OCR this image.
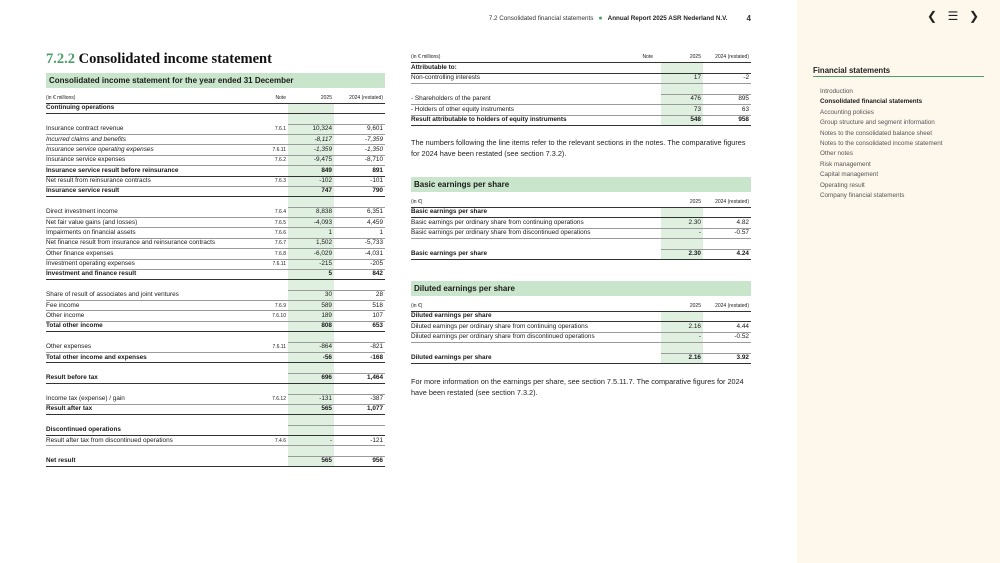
7.2 Consolidated financial statements ● Annual Report 2025 ASR Nederland N.V. 4
7.2.2 Consolidated income statement
Consolidated income statement for the year ended 31 December
(in € millions)	Note	2025	2024 (restated)
Continuing operations
Insurance contract revenue	7.6.1	10,324	9,601
Incurred claims and benefits	-8,117	-7,359
Insurance service operating expenses	7.6.11	-1,359	-1,350
Insurance service expenses	7.6.2	-9,475	-8,710
Insurance service result before reinsurance	849	891
Net result from reinsurance contracts	7.6.3	-102	-101
Insurance service result	747	790
Direct investment income	7.6.4	8,838	6,351
Net fair value gains (and losses)	7.6.5	-4,093	4,459
Impairments on financial assets	7.6.6	1	1
Net finance result from insurance and reinsurance contracts	7.6.7	1,502	-5,733
Other finance expenses	7.6.8	-6,029	-4,031
Investment operating expenses	7.6.11	-215	-205
Investment and finance result	5	842
Share of result of associates and joint ventures	30	28
Fee income	7.6.9	589	518
Other income	7.6.10	189	107
Total other income	808	653
Other expenses	7.6.11	-864	-821
Total other income and expenses	-56	-168
Result before tax	696	1,464
Income tax (expense) / gain	7.6.12	-131	-387
Result after tax	565	1,077
Discontinued operations
Result after tax from discontinued operations	7.4.6	-	-121
Net result	565	956
(in € millions)	Note	2025	2024 (restated)
Attributable to:
Non-controlling interests	17	-2
- Shareholders of the parent	476	895
- Holders of other equity instruments	73	63
Result attributable to holders of equity instruments	548	958
The numbers following the line items refer to the relevant sections in the notes. The comparative figures for 2024 have been restated (see section 7.3.2).
Basic earnings per share
(in €)	2025	2024 (restated)
Basic earnings per share
Basic earnings per ordinary share from continuing operations	2.30	4.82
Basic earnings per ordinary share from discontinued operations	-	-0.57
Basic earnings per share	2.30	4.24
Diluted earnings per share
(in €)	2025	2024 (restated)
Diluted earnings per share
Diluted earnings per ordinary share from continuing operations	2.16	4.44
Diluted earnings per ordinary share from discontinued operations	-	-0.52
Diluted earnings per share	2.16	3.92
For more information on the earnings per share, see section 7.5.11.7. The comparative figures for 2024 have been restated (see section 7.3.2).
❮ ☰ ❯
Financial statements
Introduction
Consolidated financial statements
Accounting policies
Group structure and segment information
Notes to the consolidated balance sheet
Notes to the consolidated income statement
Other notes
Risk management
Capital management
Operating result
Company financial statements
